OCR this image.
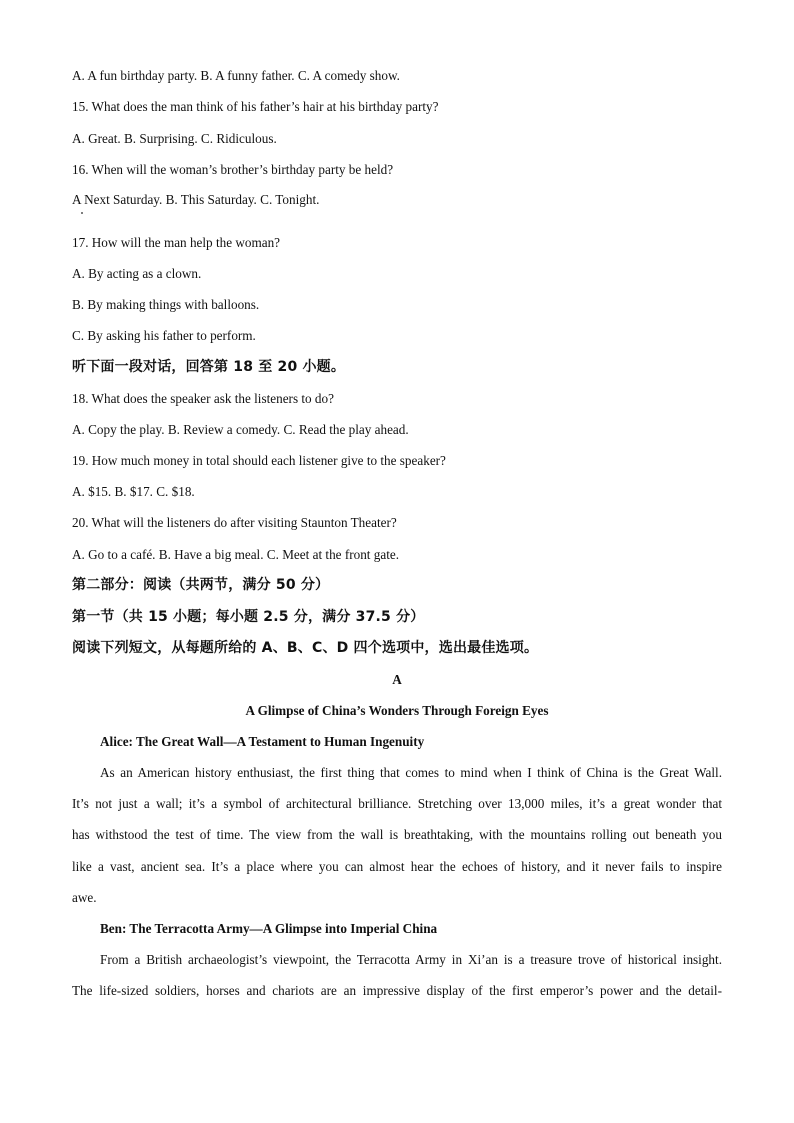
A. A fun birthday party. B. A funny father. C. A comedy show.
15. What does the man think of his father’s hair at his birthday party?
A. Great. B. Surprising. C. Ridiculous.
16. When will the woman’s brother’s birthday party be held?
A Next Saturday. B. This Saturday. C. Tonight.
17. How will the man help the woman?
A. By acting as a clown.
B. By making things with balloons.
C. By asking his father to perform.
听下面一段对话，回答第 18 至 20 小题。
18. What does the speaker ask the listeners to do?
A. Copy the play. B. Review a comedy. C. Read the play ahead.
19. How much money in total should each listener give to the speaker?
A. $15. B. $17. C. $18.
20. What will the listeners do after visiting Staunton Theater?
A. Go to a café. B. Have a big meal. C. Meet at the front gate.
第二部分：阅读（共两节，满分 50 分）
第一节（共 15 小题；每小题 2.5 分，满分 37.5 分）
阅读下列短文，从每题所给的 A、B、C、D 四个选项中，选出最佳选项。
A
A Glimpse of China’s Wonders Through Foreign Eyes
Alice: The Great Wall—A Testament to Human Ingenuity
As an American history enthusiast, the first thing that comes to mind when I think of China is the Great Wall.
It’s not just a wall; it’s a symbol of architectural brilliance. Stretching over 13,000 miles, it’s a great wonder that
has withstood the test of time. The view from the wall is breathtaking, with the mountains rolling out beneath you
like a vast, ancient sea. It’s a place where you can almost hear the echoes of history, and it never fails to inspire
awe.
Ben: The Terracotta Army—A Glimpse into Imperial China
From a British archaeologist’s viewpoint, the Terracotta Army in Xi’an is a treasure trove of historical insight.
The life-sized soldiers, horses and chariots are an impressive display of the first emperor’s power and the detail-
